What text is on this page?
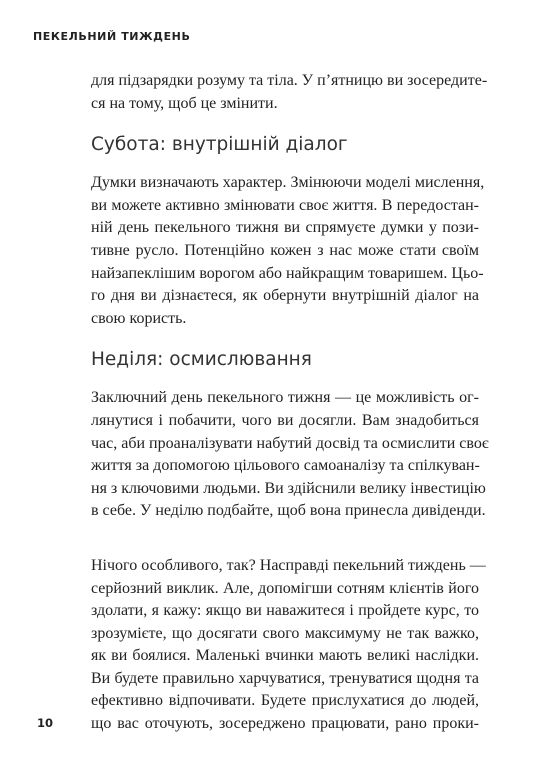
ПЕКЕЛЬНИЙ ТИЖДЕНЬ
для підзарядки розуму та тіла. У п’ятницю ви зосередите-
ся на тому, щоб це змінити.
Субота: внутрішній діалог
Думки визначають характер. Змінюючи моделі мислення,
ви можете активно змінювати своє життя. В передостан-
ній день пекельного тижня ви спрямуєте думки у пози-
тивне русло. Потенційно кожен з нас може стати своїм
найзапеклішим ворогом або найкращим товаришем. Цьо-
го дня ви дізнаєтеся, як обернути внутрішній діалог на
свою користь.
Неділя: осмислювання
Заключний день пекельного тижня — це можливість ог-
лянутися і побачити, чого ви досягли. Вам знадобиться
час, аби проаналізувати набутий досвід та осмислити своє
життя за допомогою цільового самоаналізу та спілкуван-
ня з ключовими людьми. Ви здійснили велику інвестицію
в себе. У неділю подбайте, щоб вона принесла дивіденди.
Нічого особливого, так? Насправді пекельний тиждень —
серйозний виклик. Але, допомігши сотням клієнтів його
здолати, я кажу: якщо ви наважитеся і пройдете курс, то
зрозумієте, що досягати свого максимуму не так важко,
як ви боялися. Маленькі вчинки мають великі наслідки.
Ви будете правильно харчуватися, тренуватися щодня та
ефективно відпочивати. Будете прислухатися до людей,
що вас оточують, зосереджено працювати, рано проки-
10
